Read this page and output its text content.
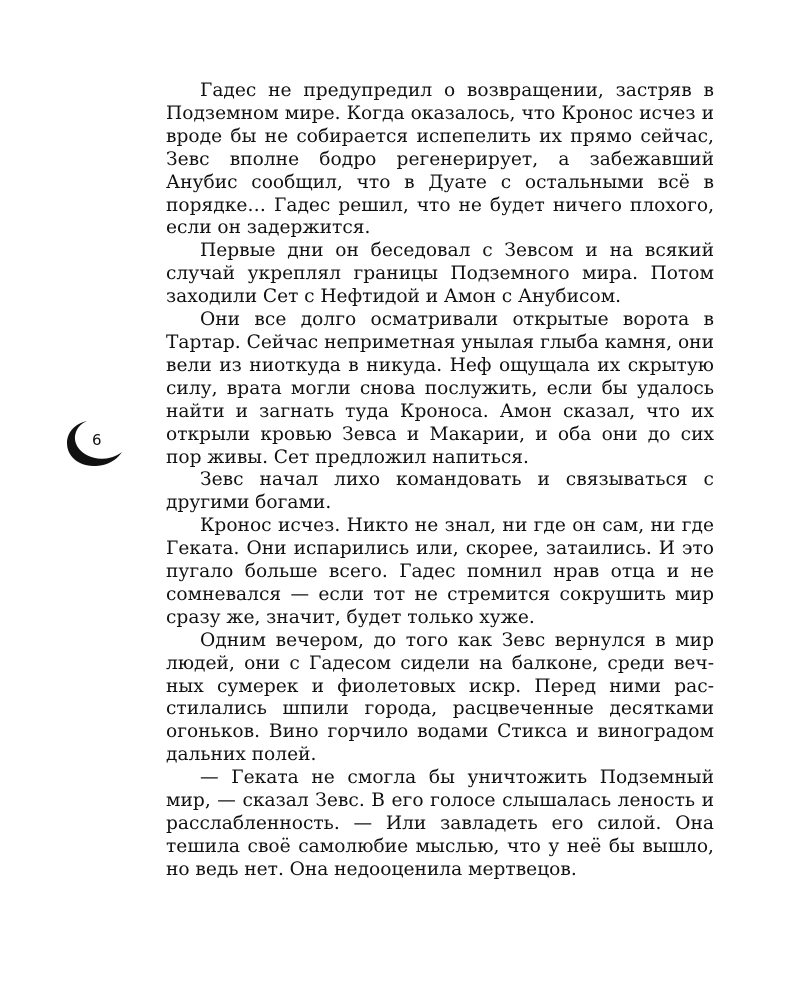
6

Гадес не предупредил о возвращении, застряв в Подземном мире. Когда оказалось, что Кронос исчез и вроде бы не собирается испепелить их прямо сейчас, Зевс вполне бодро регенерирует, а забежавший Анубис сообщил, что в Дуате с остальными всё в порядке… Гадес решил, что не будет ничего плохого, если он задержится.

Первые дни он беседовал с Зевсом и на всякий случай укреплял границы Подземного мира. Потом заходили Сет с Нефтидой и Амон с Анубисом.

Они все долго осматривали открытые ворота в Тартар. Сейчас неприметная унылая глыба камня, они вели из ниоткуда в никуда. Неф ощущала их скрытую силу, врата могли снова послужить, если бы удалось найти и загнать туда Кроноса. Амон сказал, что их открыли кровью Зевса и Макарии, и оба они до сих пор живы. Сет предложил напиться.

Зевс начал лихо командовать и связываться с другими богами.

Кронос исчез. Никто не знал, ни где он сам, ни где Геката. Они испарились или, скорее, затаились. И это пугало больше всего. Гадес помнил нрав отца и не сомневался — если тот не стремится сокрушить мир сразу же, значит, будет только хуже.

Одним вечером, до того как Зевс вернулся в мир людей, они с Гадесом сидели на балконе, среди вечных сумерек и фиолетовых искр. Перед ними расстилались шпили города, расцвеченные десятками огоньков. Вино горчило водами Стикса и виноградом дальних полей.

— Геката не смогла бы уничтожить Подземный мир, — сказал Зевс. В его голосе слышалась леность и расслабленность. — Или завладеть его силой. Она тешила своё самолюбие мыслью, что у неё бы вышло, но ведь нет. Она недооценила мертвецов.
